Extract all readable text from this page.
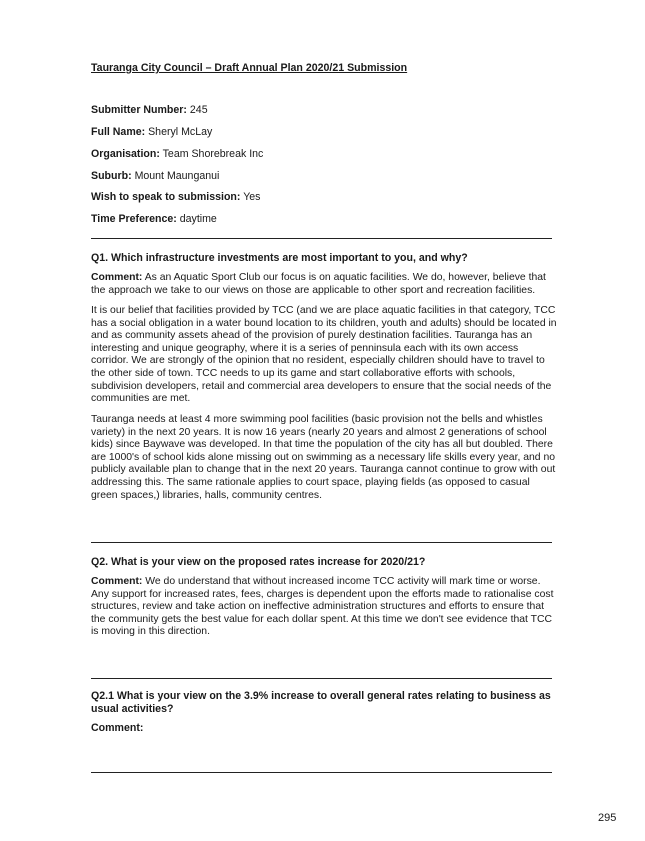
Tauranga City Council – Draft Annual Plan 2020/21 Submission
Submitter Number: 245
Full Name: Sheryl McLay
Organisation: Team Shorebreak Inc
Suburb: Mount Maunganui
Wish to speak to submission: Yes
Time Preference: daytime
Q1. Which infrastructure investments are most important to you, and why?

Comment: As an Aquatic Sport Club our focus is on aquatic facilities. We do, however, believe that the approach we take to our views on those are applicable to other sport and recreation facilities.

It is our belief that facilities provided by TCC (and we are place aquatic facilities in that category, TCC has a social obligation in a water bound location to its children, youth and adults) should be located in and as community assets ahead of the provision of purely destination facilities. Tauranga has an interesting and unique geography, where it is a series of penninsula each with its own access corridor. We are strongly of the opinion that no resident, especially children should have to travel to the other side of town. TCC needs to up its game and start collaborative efforts with schools, subdivision developers, retail and commercial area developers to ensure that the social needs of the communities are met.

Tauranga needs at least 4 more swimming pool facilities (basic provision not the bells and whistles variety) in the next 20 years. It is now 16 years (nearly 20 years and almost 2 generations of school kids) since Baywave was developed. In that time the population of the city has all but doubled. There are 1000's of school kids alone missing out on swimming as a necessary life skills every year, and no publicly available plan to change that in the next 20 years. Tauranga cannot continue to grow with out addressing this. The same rationale applies to court space, playing fields (as opposed to casual green spaces,) libraries, halls, community centres.

Q2. What is your view on the proposed rates increase for 2020/21?

Comment: We do understand that without increased income TCC activity will mark time or worse. Any support for increased rates, fees, charges is dependent upon the efforts made to rationalise cost structures, review and take action on ineffective administration structures and efforts to ensure that the community gets the best value for each dollar spent. At this time we don't see evidence that TCC is moving in this direction.

Q2.1 What is your view on the 3.9% increase to overall general rates relating to business as usual activities?
Comment:
295
